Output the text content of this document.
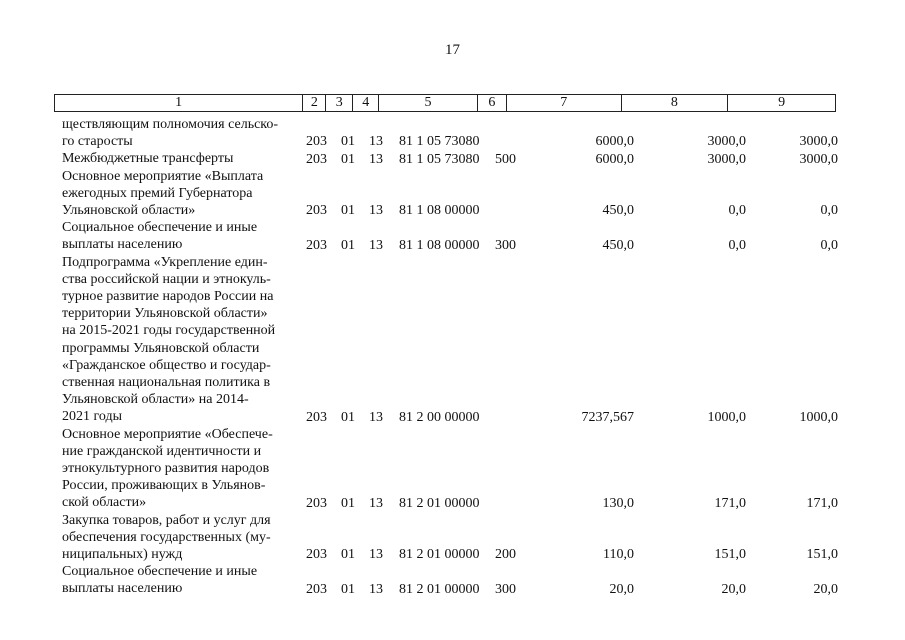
17
1	2	3	4	5	6	7	8	9
ществляющим полномочия сельско-
го старосты	203 01 13 81 1 05 73080	6000,0	3000,0	3000,0
Межбюджетные трансферты	203 01 13 81 1 05 73080 500	6000,0	3000,0	3000,0
Основное мероприятие «Выплата
ежегодных премий Губернатора
Ульяновской области»	203 01 13 81 1 08 00000	450,0	0,0	0,0
Социальное обеспечение и иные
выплаты населению	203 01 13 81 1 08 00000 300	450,0	0,0	0,0
Подпрограмма «Укрепление един-
ства российской нации и этнокуль-
турное развитие народов России на
территории Ульяновской области»
на 2015-2021 годы государственной
программы Ульяновской области
«Гражданское общество и государ-
ственная национальная политика в
Ульяновской области» на 2014-
2021 годы	203 01 13 81 2 00 00000	7237,567	1000,0	1000,0
Основное мероприятие «Обеспече-
ние гражданской идентичности и
этнокультурного развития народов
России, проживающих в Ульянов-
ской области»	203 01 13 81 2 01 00000	130,0	171,0	171,0
Закупка товаров, работ и услуг для
обеспечения государственных (му-
ниципальных) нужд	203 01 13 81 2 01 00000 200	110,0	151,0	151,0
Социальное обеспечение и иные
выплаты населению	203 01 13 81 2 01 00000 300	20,0	20,0	20,0
